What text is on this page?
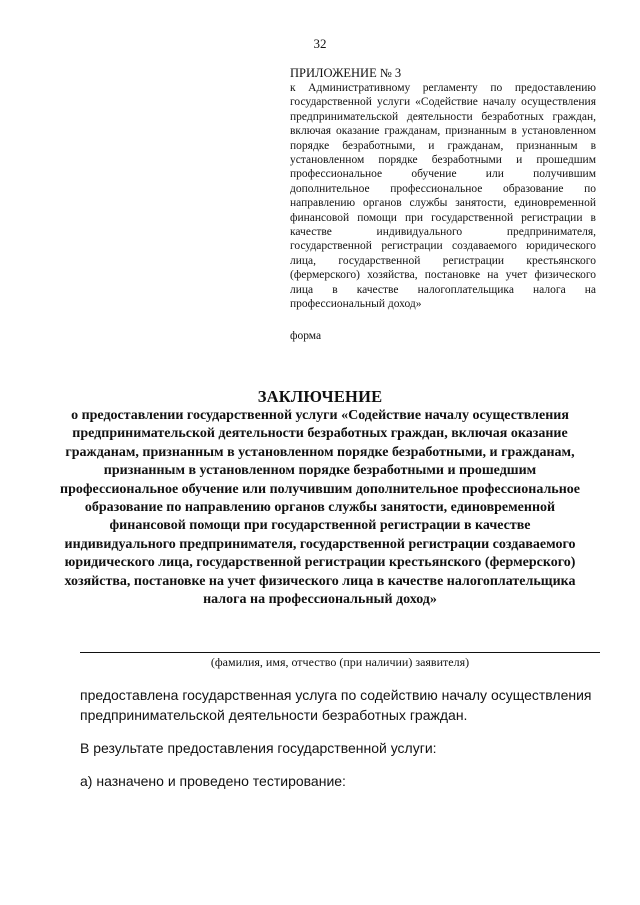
32
ПРИЛОЖЕНИЕ № 3
к Административному регламенту по предоставлению государственной услуги «Содействие началу осуществления предпринимательской деятельности безработных граждан, включая оказание гражданам, признанным в установленном порядке безработными, и гражданам, признанным в установленном порядке безработными и прошедшим профессиональное обучение или получившим дополнительное профессиональное образование по направлению органов службы занятости, единовременной финансовой помощи при государственной регистрации в качестве индивидуального предпринимателя, государственной регистрации создаваемого юридического лица, государственной регистрации крестьянского (фермерского) хозяйства, постановке на учет физического лица в качестве налогоплательщика налога на профессиональный доход»
форма
ЗАКЛЮЧЕНИЕ
о предоставлении государственной услуги «Содействие началу осуществления предпринимательской деятельности безработных граждан, включая оказание гражданам, признанным в установленном порядке безработными, и гражданам, признанным в установленном порядке безработными и прошедшим профессиональное обучение или получившим дополнительное профессиональное образование по направлению органов службы занятости, единовременной финансовой помощи при государственной регистрации в качестве индивидуального предпринимателя, государственной регистрации создаваемого юридического лица, государственной регистрации крестьянского (фермерского) хозяйства, постановке на учет физического лица в качестве налогоплательщика налога на профессиональный доход»
(фамилия, имя, отчество (при наличии) заявителя)
предоставлена государственная услуга по содействию началу осуществления предпринимательской деятельности безработных граждан.
В результате предоставления государственной услуги:
а) назначено и проведено тестирование:
